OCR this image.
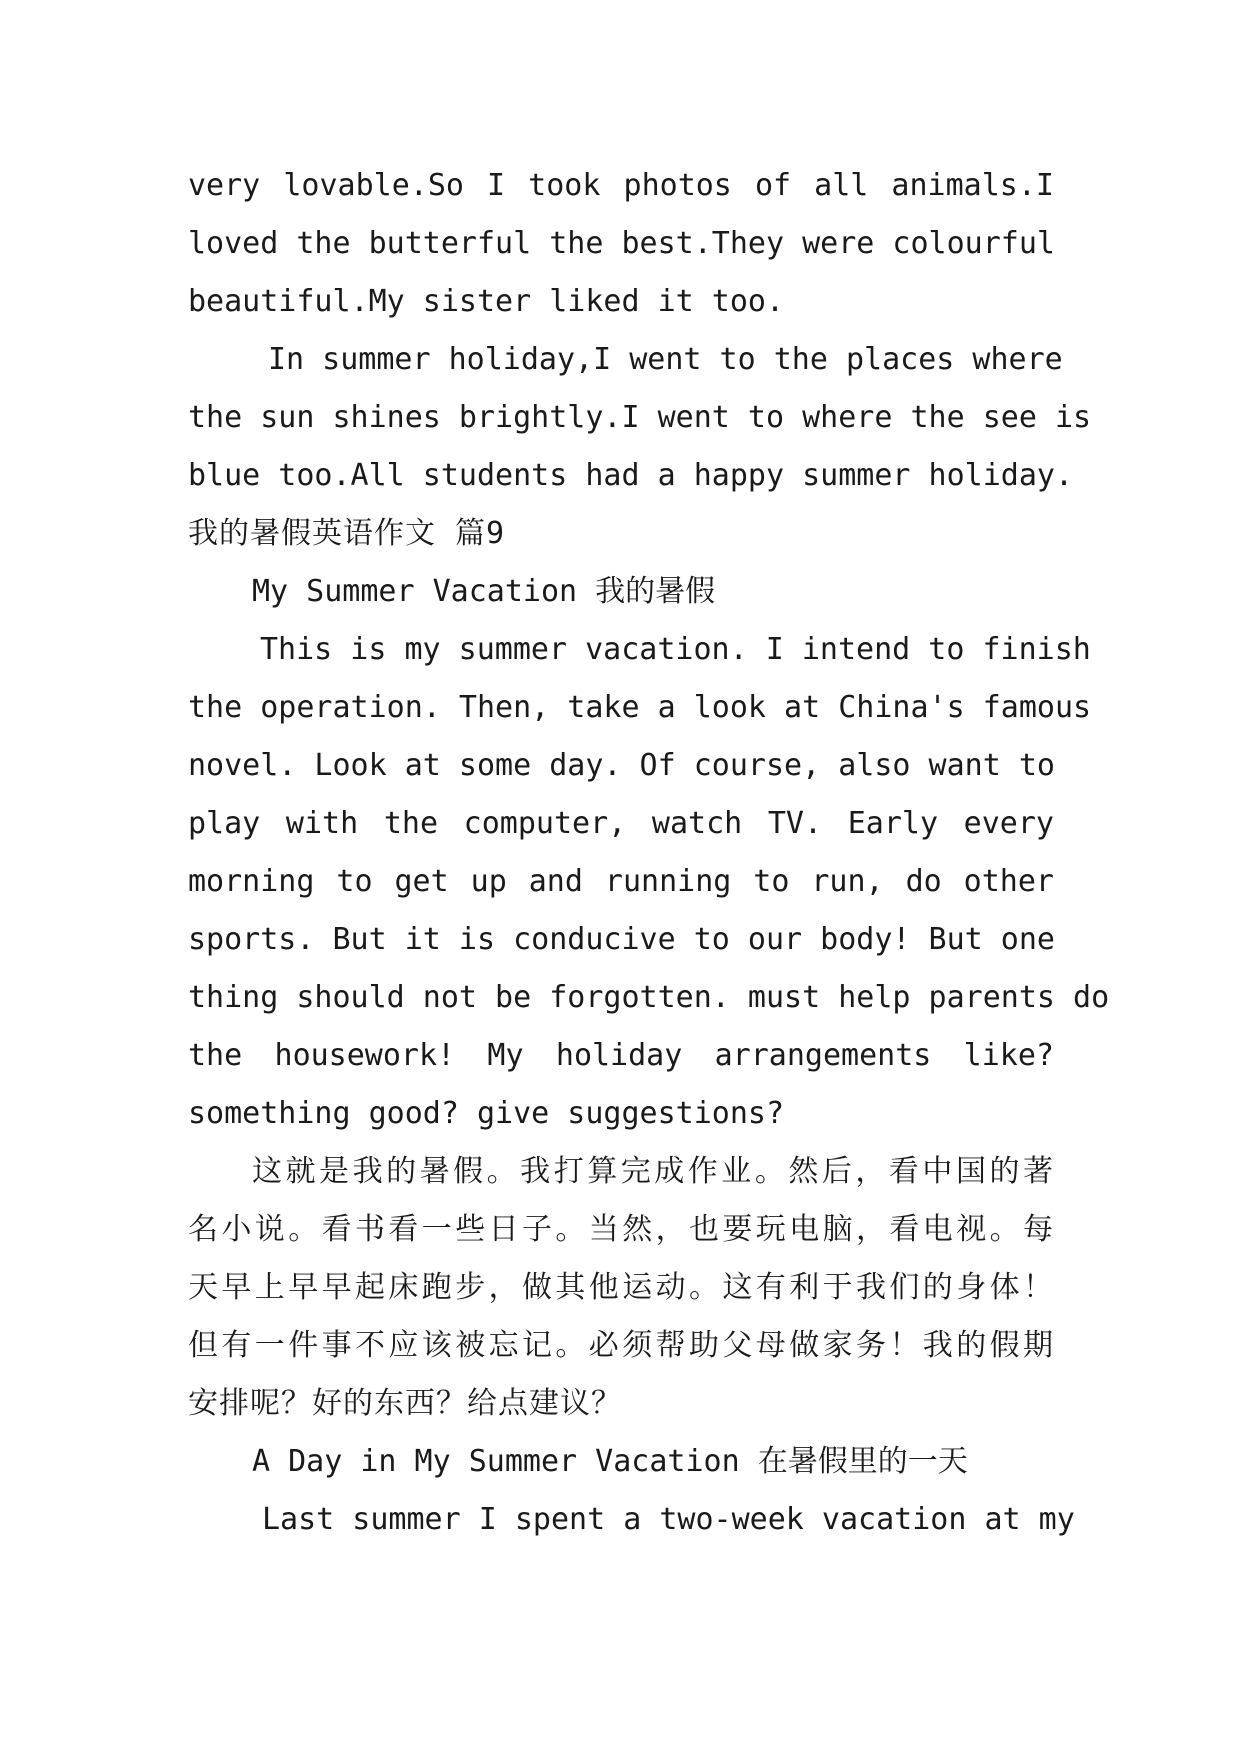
very lovable.So I took photos of all animals.I
loved the butterful the best.They were colourful
beautiful.My sister liked it too.
In summer holiday,I went to the places where
the sun shines brightly.I went to where the see is
blue too.All students had a happy summer holiday.
我的暑假英语作文 篇9
My Summer Vacation 我的暑假
This is my summer vacation. I intend to finish
the operation. Then, take a look at China's famous
novel. Look at some day. Of course, also want to
play with the computer, watch TV. Early every
morning to get up and running to run, do other
sports. But it is conducive to our body! But one
thing should not be forgotten. must help parents do
the housework! My holiday arrangements like?
something good? give suggestions?
这就是我的暑假。我打算完成作业。然后，看中国的著
名小说。看书看一些日子。当然，也要玩电脑，看电视。每
天早上早早起床跑步，做其他运动。这有利于我们的身体！
但有一件事不应该被忘记。必须帮助父母做家务！我的假期
安排呢？好的东西？给点建议？
A Day in My Summer Vacation 在暑假里的一天
Last summer I spent a two-week vacation at my
